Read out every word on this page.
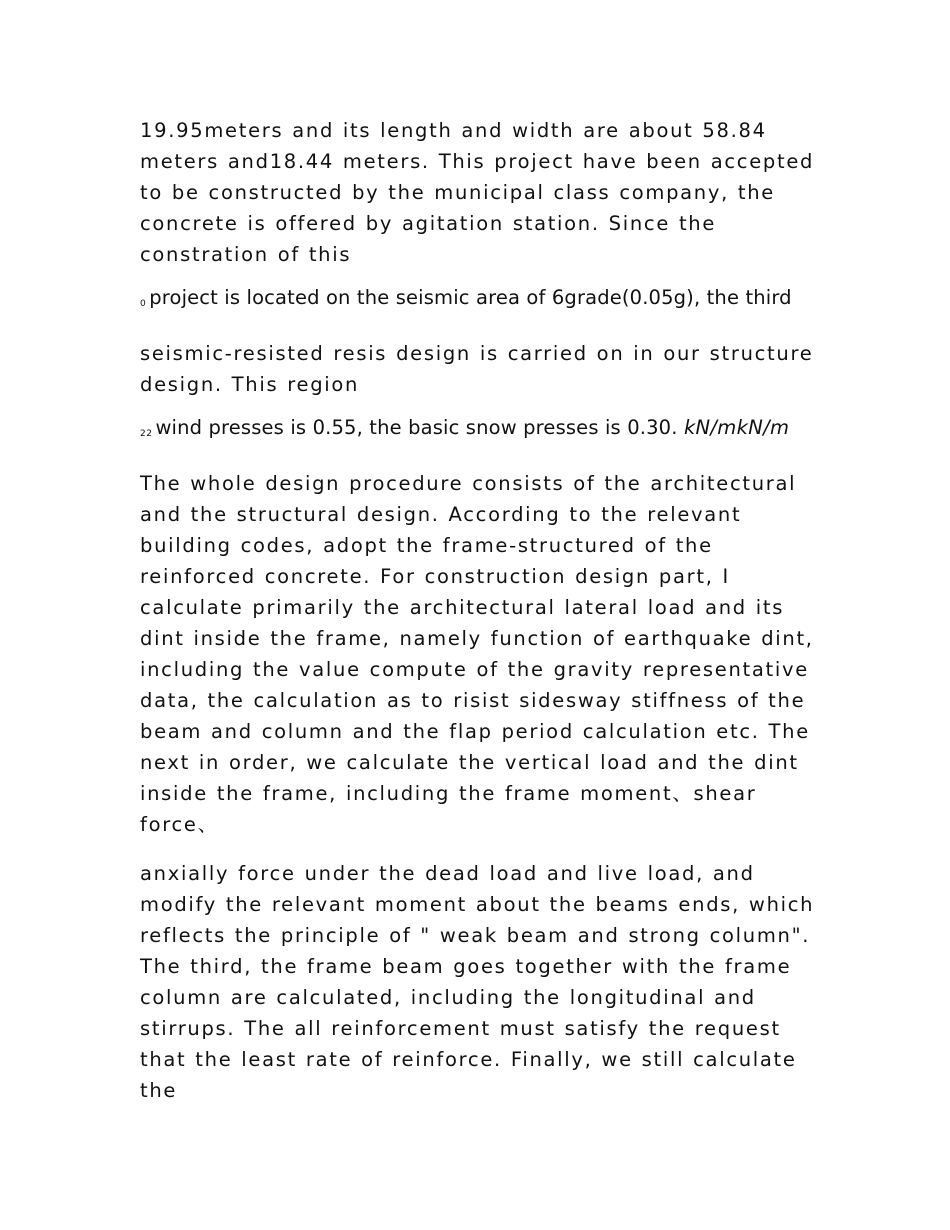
19.95meters and its length and width are about 58.84 meters and18.44 meters. This project have been accepted to be constructed by the municipal class company, the concrete is offered by agitation station. Since the constration of this

$_0$ project is located on the seismic area of 6grade(0.05g), the third

seismic-resisted resis design is carried on in our structure design. This region

$_{22}$ wind presses is 0.55, the basic snow presses is 0.30. kN/mkN/m

The whole design procedure consists of the architectural and the structural design. According to the relevant building codes, adopt the frame-structured of the reinforced concrete. For construction design part, I calculate primarily the architectural lateral load and its dint inside the frame, namely function of earthquake dint, including the value compute of the gravity representative data, the calculation as to risist sidesway stiffness of the beam and column and the flap period calculation etc. The next in order, we calculate the vertical load and the dint inside the frame, including the frame moment、shear force、

anxially force under the dead load and live load, and modify the relevant moment about the beams ends, which reflects the principle of " weak beam and strong column". The third, the frame beam goes together with the frame column are calculated, including the longitudinal and stirrups. The all reinforcement must satisfy the request that the least rate of reinforce. Finally, we still calculate the
